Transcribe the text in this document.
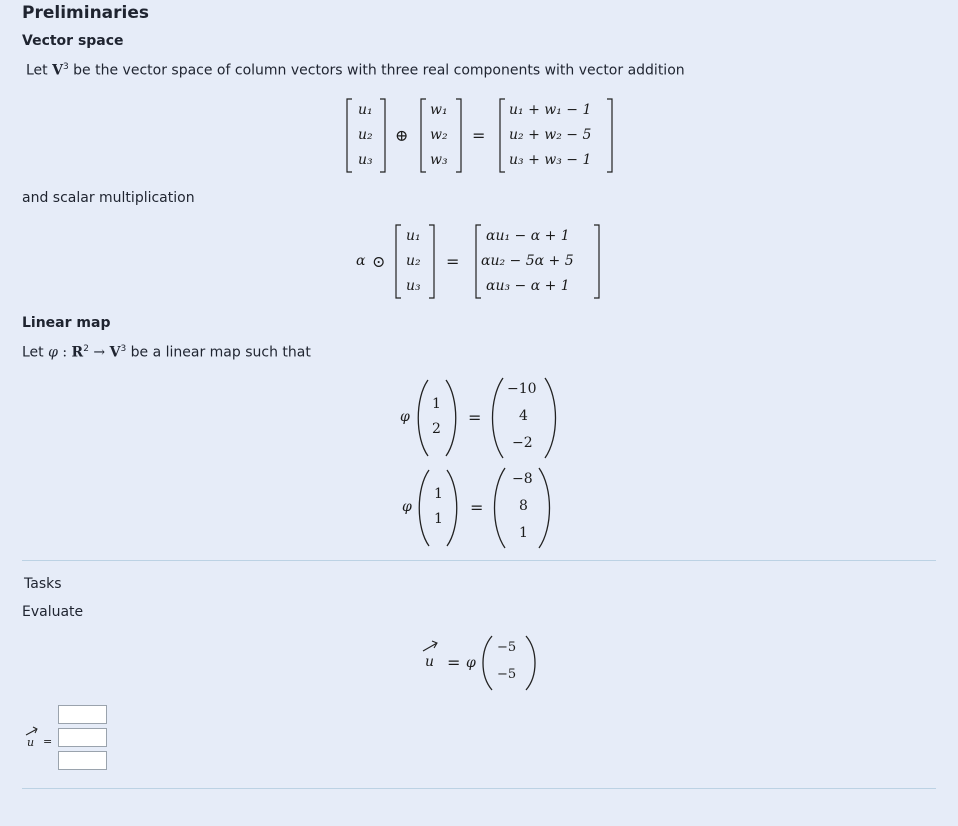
Preliminaries
Vector space
Let $V^3$ be the vector space of column vectors with three real components with vector addition
u₁
u₂
u₃
⊕
w₁
w₂
w₃
=
u₁ + w₁ − 1
u₂ + w₂ − 5
u₃ + w₃ − 1
and scalar multiplication
α ⊙
u₁
u₂
u₃
=
αu₁ − α + 1
αu₂ − 5α + 5
αu₃ − α + 1
Linear map
Let φ : $R^2 \to V^3$ be a linear map such that
φ
1
2
=
−10
4
−2
φ
1
1
=
−8
8
1
Tasks
Evaluate
u = φ
−5
−5
u =
